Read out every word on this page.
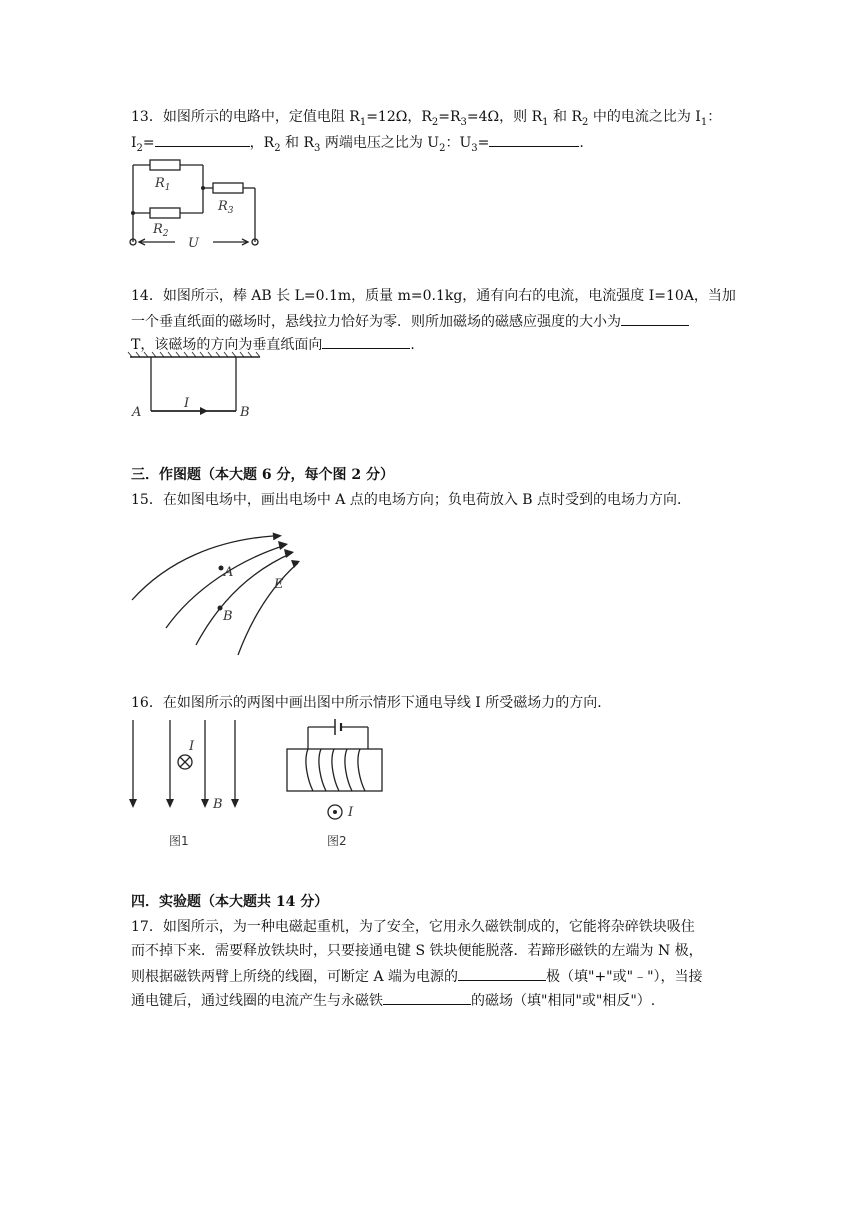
13．如图所示的电路中，定值电阻 $R_1=12\Omega$，$R_2=R_3=4\Omega$，则 $R_1$ 和 $R_2$ 中的电流之比为 $I_1$：
$I_2=$	，$R_2$ 和 $R_3$ 两端电压之比为 $U_2$：$U_3=$	.
$R_1$
$R_2$
$R_3$
U
14．如图所示，棒 AB 长 L=0.1m，质量 m=0.1kg，通有向右的电流，电流强度 I=10A，当加
一个垂直纸面的磁场时，悬线拉力恰好为零．则所加磁场的磁感应强度的大小为
T，该磁场的方向为垂直纸面向	.
A	B
I
三．作图题（本大题 6 分，每个图 2 分）
15．在如图电场中，画出电场中 A 点的电场方向；负电荷放入 B 点时受到的电场力方向．
A
B
E
16．在如图所示的两图中画出图中所示情形下通电导线 I 所受磁场力的方向．
I
B
图1
I
图2
四．实验题（本大题共 14 分）
17．如图所示，为一种电磁起重机，为了安全，它用永久磁铁制成的，它能将杂碎铁块吸住
而不掉下来．需要释放铁块时，只要接通电键 S 铁块便能脱落．若蹄形磁铁的左端为 N 极，
则根据磁铁两臂上所绕的线圈，可断定 A 端为电源的	极（填"+"或"﹣"），当接
通电键后，通过线圈的电流产生与永磁铁	的磁场（填"相同"或"相反"）.
